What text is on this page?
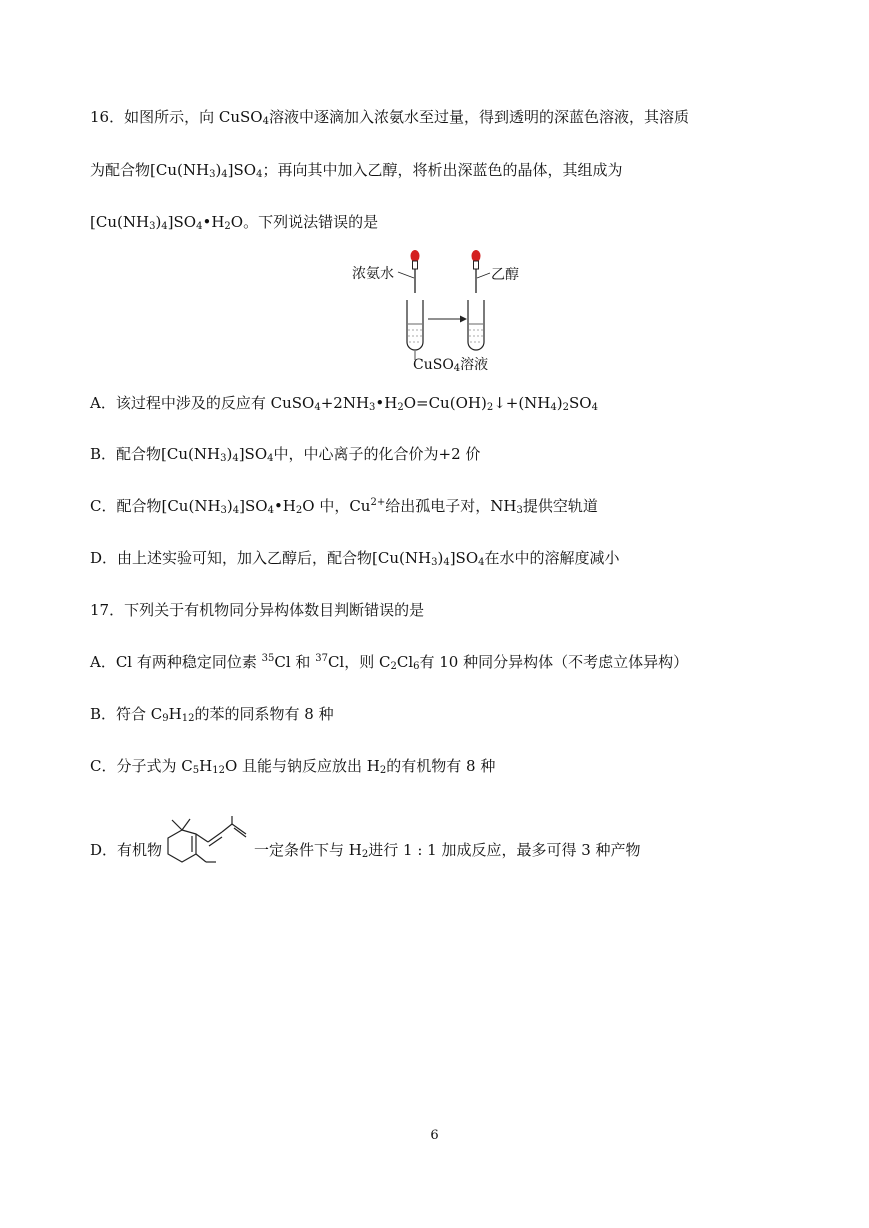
16．如图所示，向 CuSO$_4$溶液中逐滴加入浓氨水至过量，得到透明的深蓝色溶液，其溶质
为配合物$[Cu(NH_3)_4]SO_4$；再向其中加入乙醇，将析出深蓝色的晶体，其组成为
$[Cu(NH_3)_4]SO_4•H_2O$。下列说法错误的是
浓氨水	乙醇
CuSO$_4$溶液
A．该过程中涉及的反应有 $CuSO_4+2NH_3•H_2O=Cu(OH)_2↓+(NH_4)_2SO_4$
B．配合物$[Cu(NH_3)_4]SO_4$中，中心离子的化合价为+2 价
C．配合物$[Cu(NH_3)_4]SO_4•H_2O$ 中，$Cu^{2+}$给出孤电子对，$NH_3$提供空轨道
D．由上述实验可知，加入乙醇后，配合物$[Cu(NH_3)_4]SO_4$在水中的溶解度减小
17．下列关于有机物同分异构体数目判断错误的是
A．Cl 有两种稳定同位素 $^{35}$Cl 和 $^{37}$Cl，则 $C_2Cl_6$有 10 种同分异构体（不考虑立体异构）
B．符合 $C_9H_{12}$的苯的同系物有 8 种
C．分子式为 $C_5H_{12}O$ 且能与钠反应放出 $H_2$的有机物有 8 种
D．有机物	一定条件下与 $H_2$进行 1 : 1 加成反应，最多可得 3 种产物
6
